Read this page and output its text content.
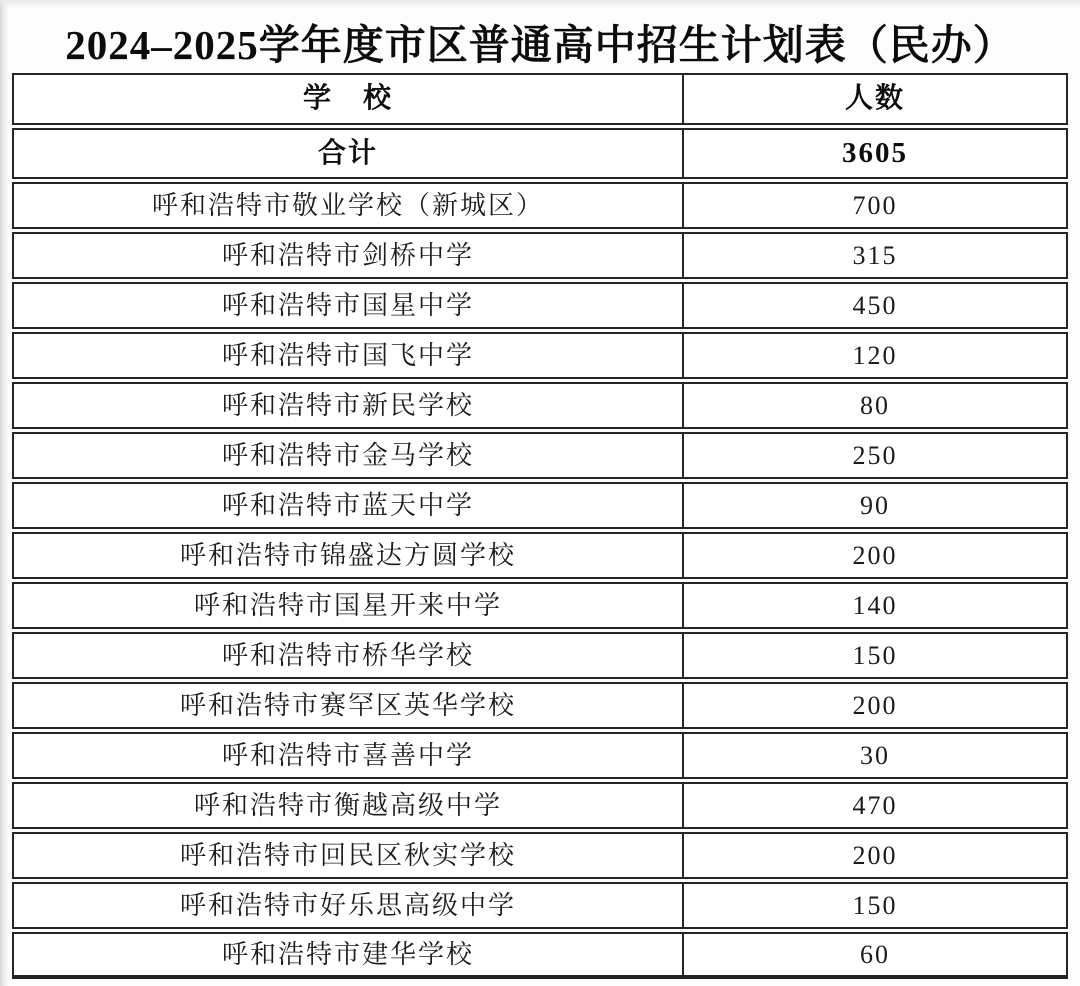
2024–2025学年度市区普通高中招生计划表（民办）
学　校	人数
合计	3605
呼和浩特市敬业学校（新城区）	700
呼和浩特市剑桥中学	315
呼和浩特市国星中学	450
呼和浩特市国飞中学	120
呼和浩特市新民学校	80
呼和浩特市金马学校	250
呼和浩特市蓝天中学	90
呼和浩特市锦盛达方圆学校	200
呼和浩特市国星开来中学	140
呼和浩特市桥华学校	150
呼和浩特市赛罕区英华学校	200
呼和浩特市喜善中学	30
呼和浩特市衡越高级中学	470
呼和浩特市回民区秋实学校	200
呼和浩特市好乐思高级中学	150
呼和浩特市建华学校	60
